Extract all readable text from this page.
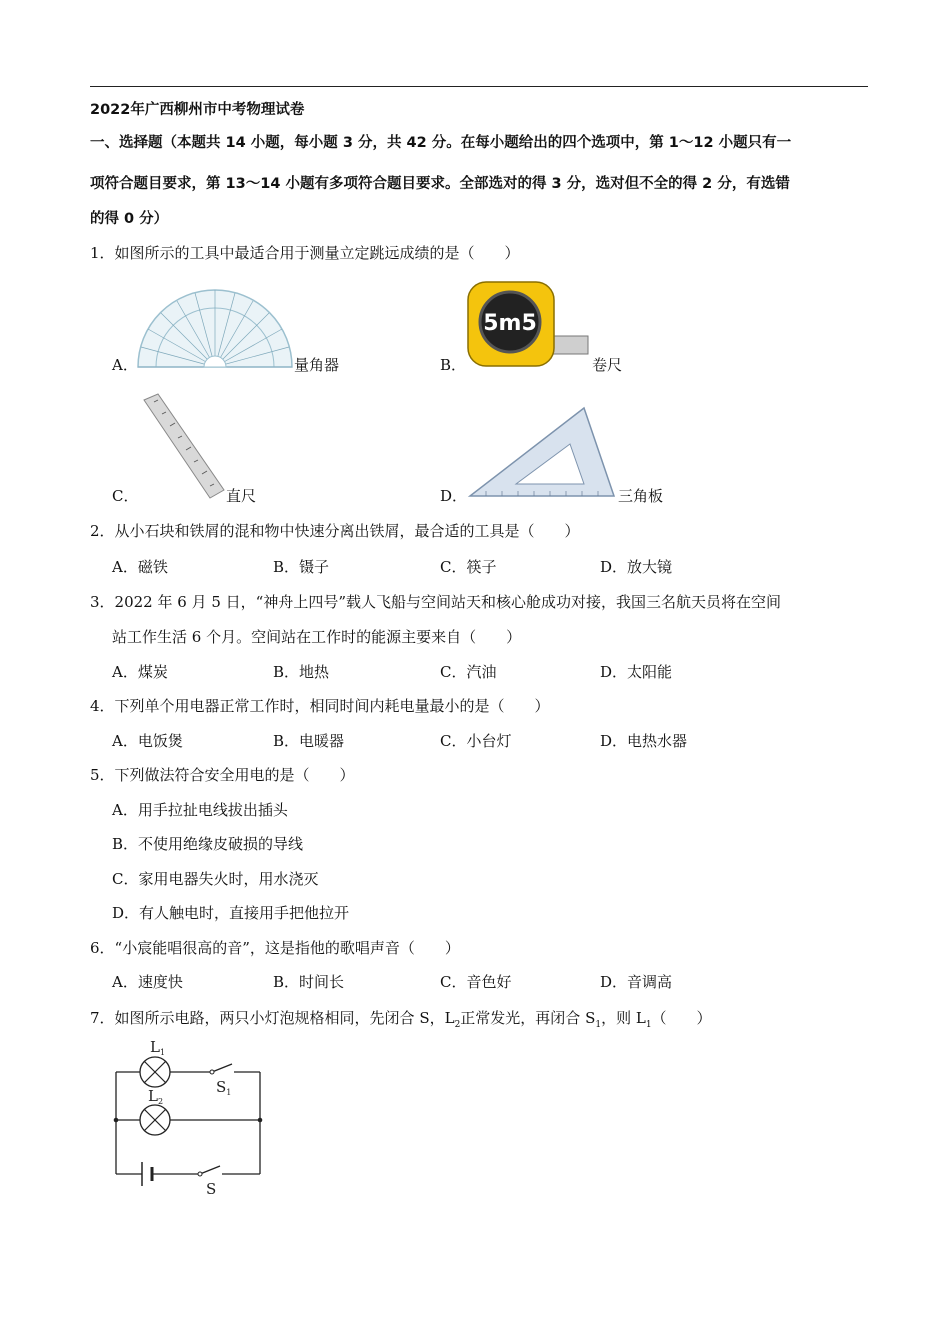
2022年广西柳州市中考物理试卷
一、选择题（本题共 14 小题，每小题 3 分，共 42 分。在每小题给出的四个选项中，第 1～12 小题只有一
项符合题目要求，第 13～14 小题有多项符合题目要求。全部选对的得 3 分，选对但不全的得 2 分，有选错
的得 0 分）
1．如图所示的工具中最适合用于测量立定跳远成绩的是（　　）
A．	量角器	B．
5m5
卷尺
C．	直尺	D．	三角板
2．从小石块和铁屑的混和物中快速分离出铁屑，最合适的工具是（　　）
A．磁铁	B．镊子	C．筷子	D．放大镜
3．2022 年 6 月 5 日，“神舟上四号”载人飞船与空间站天和核心舱成功对接，我国三名航天员将在空间
站工作生活 6 个月。空间站在工作时的能源主要来自（　　）
A．煤炭	B．地热	C．汽油	D．太阳能
4．下列单个用电器正常工作时，相同时间内耗电量最小的是（　　）
A．电饭煲	B．电暖器	C．小台灯	D．电热水器
5．下列做法符合安全用电的是（　　）
A．用手拉扯电线拔出插头
B．不使用绝缘皮破损的导线
C．家用电器失火时，用水浇灭
D．有人触电时，直接用手把他拉开
6．“小宸能唱很高的音”，这是指他的歌唱声音（　　）
A．速度快	B．时间长	C．音色好	D．音调高
7．如图所示电路，两只小灯泡规格相同，先闭合 S，$L_2$正常发光，再闭合 $S_1$，则 $L_1$（　　）
$L_1$
$L_2$
$S_1$
S
